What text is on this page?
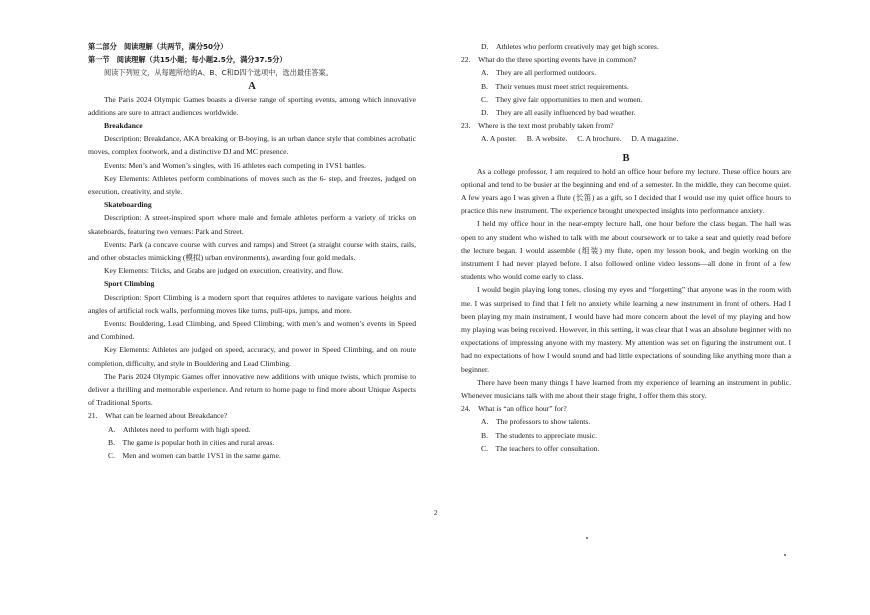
第二部分　阅读理解（共两节，满分50分）

第一节　阅读理解（共15小题；每小题2.5分，满分37.5分）

阅读下列短文，从每题所给的A、B、C和D四个选项中，选出最佳答案。

A

The Paris 2024 Olympic Games boasts a diverse range of sporting events, among which innovative additions are sure to attract audiences worldwide.

Breakdance

Description: Breakdance, AKA breaking or B-boying, is an urban dance style that combines acrobatic moves, complex footwork, and a distinctive DJ and MC presence.

Events: Men’s and Women’s singles, with 16 athletes each competing in 1VS1 battles.

Key Elements: Athletes perform combinations of moves such as the 6- step, and freezes, judged on execution, creativity, and style.

Skateboarding

Description: A street-inspired sport where male and female athletes perform a variety of tricks on skateboards, featuring two venues: Park and Street.

Events: Park (a concave course with curves and ramps) and Street (a straight course with stairs, rails, and other obstacles mimicking (模拟) urban environments), awarding four gold medals.

Key Elements: Tricks, and Grabs are judged on execution, creativity, and flow.

Sport Climbing

Description: Sport Climbing is a modern sport that requires athletes to navigate various heights and angles of artificial rock walls, performing moves like turns, pull-ups, jumps, and more.

Events: Bouldering, Lead Climbing, and Speed Climbing, with men’s and women’s events in Speed and Combined.

Key Elements: Athletes are judged on speed, accuracy, and power in Speed Climbing, and on route completion, difficulty, and style in Bouldering and Lead Climbing.

The Paris 2024 Olympic Games offer innovative new additions with unique twists, which promise to deliver a thrilling and memorable experience. And return to home page to find more about Unique Aspects of Traditional Sports.

21.　What can be learned about Breakdance?

A.　Athletes need to perform with high speed.

B.　The game is popular both in cities and rural areas.

C.　Men and women can battle 1VS1 in the same game.

D.　Athletes who perform creatively may get high scores.

22.　What do the three sporting events have in common?

A.　They are all performed outdoors.

B.　Their venues must meet strict requirements.

C.　They give fair opportunities to men and women.

D.　They are all easily influenced by bad weather.

23.　Where is the text most probably taken from?

A. A poster. B. A website. C. A brochure. D. A magazine.

B

As a college professor, I am required to hold an office hour before my lecture. These office hours are optional and tend to be busier at the beginning and end of a semester. In the middle, they can become quiet. A few years ago I was given a flute (长笛) as a gift, so I decided that I would use my quiet office hours to practice this new instrument. The experience brought unexpected insights into performance anxiety.

I held my office hour in the near-empty lecture hall, one hour before the class began. The hall was open to any student who wished to talk with me about coursework or to take a seat and quietly read before the lecture began. I would assemble (组装) my flute, open my lesson book, and begin working on the instrument I had never played before. I also followed online video lessons—all done in front of a few students who would come early to class.

I would begin playing long tones, closing my eyes and “forgetting” that anyone was in the room with me. I was surprised to find that I felt no anxiety while learning a new instrument in front of others. Had I been playing my main instrument, I would have had more concern about the level of my playing and how my playing was being received. However, in this setting, it was clear that I was an absolute beginner with no expectations of impressing anyone with my mastery. My attention was set on figuring the instrument out. I had no expectations of how I would sound and had little expectations of sounding like anything more than a beginner.

There have been many things I have learned from my experience of learning an instrument in public. Whenever musicians talk with me about their stage fright, I offer them this story.

24.　What is “an office hour” for?

A.　The professors to show talents.

B.　The students to appreciate music.

C.　The teachers to offer consultation.

2
